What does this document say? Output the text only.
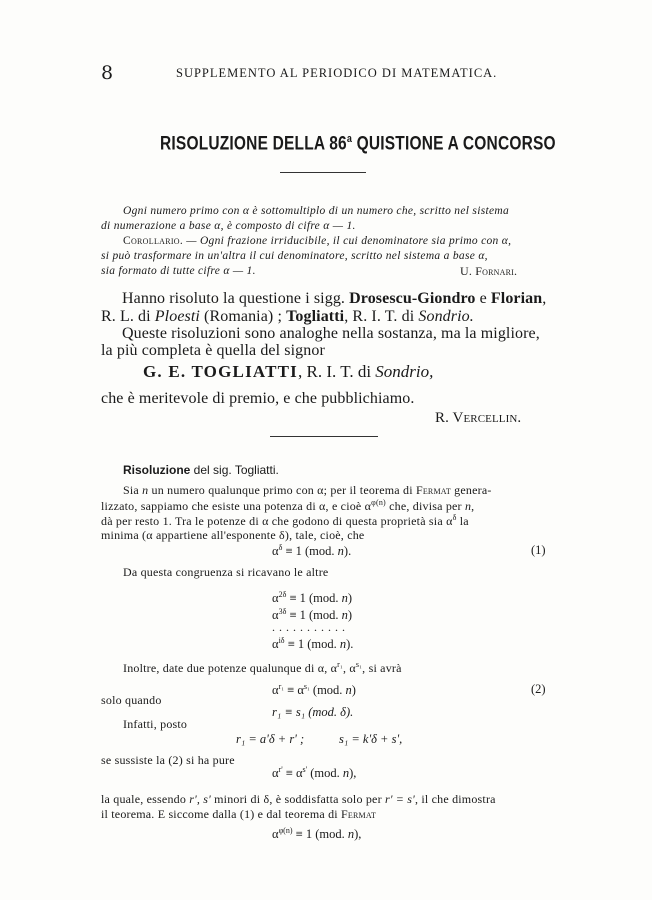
8	SUPPLEMENTO AL PERIODICO DI MATEMATICA.
RISOLUZIONE DELLA 86$^a$ QUISTIONE A CONCORSO
Ogni numero primo con α è sottomultiplo di un numero che, scritto nel sistema
di numerazione a base α, è composto di cifre α — 1.
Corollario. — Ogni frazione irriducibile, il cui denominatore sia primo con α,
si può trasformare in un'altra il cui denominatore, scritto nel sistema a base α,
sia formato di tutte cifre α — 1.	U. Fornari.
Hanno risoluto la questione i sigg. Drosescu-Giondro e Florian,
R. L. di Ploesti (Romania) ; Togliatti, R. I. T. di Sondrio.
Queste risoluzioni sono analoghe nella sostanza, ma la migliore,
la più completa è quella del signor
G. E. TOGLIATTI, R. I. T. di Sondrio,
che è meritevole di premio, e che pubblichiamo.
R. Vercellin.
Risoluzione del sig. Togliatti.
Sia n un numero qualunque primo con α; per il teorema di Fermat genera-
lizzato, sappiamo che esiste una potenza di α, e cioè $\alpha^{\varphi(n)}$ che, divisa per n,
dà per resto 1. Tra le potenze di α che godono di questa proprietà sia $\alpha^\delta$ la
minima (α appartiene all'esponente δ), tale, cioè, che
$\alpha^\delta \equiv 1$ (mod. n).	(1)
Da questa congruenza si ricavano le altre
$\alpha^{2\delta} \equiv 1$ (mod. n)
$\alpha^{3\delta} \equiv 1$ (mod. n)
...........
$\alpha^{i\delta} \equiv 1$ (mod. n).
Inoltre, date due potenze qualunque di α, $\alpha^{r_1}$, $\alpha^{s_1}$, si avrà
$\alpha^{r_1} \equiv \alpha^{s_1}$ (mod. n)	(2)
solo quando
r₁ ≡ s₁ (mod. δ).
Infatti, posto
r₁ = a'δ + r' ;	s₁ = k'δ + s',
se sussiste la (2) si ha pure
$\alpha^{r'} \equiv \alpha^{s'}$ (mod. n),
la quale, essendo r', s' minori di δ, è soddisfatta solo per r' = s', il che dimostra
il teorema. E siccome dalla (1) e dal teorema di Fermat
$\alpha^{\varphi(n)} \equiv 1$ (mod. n),
